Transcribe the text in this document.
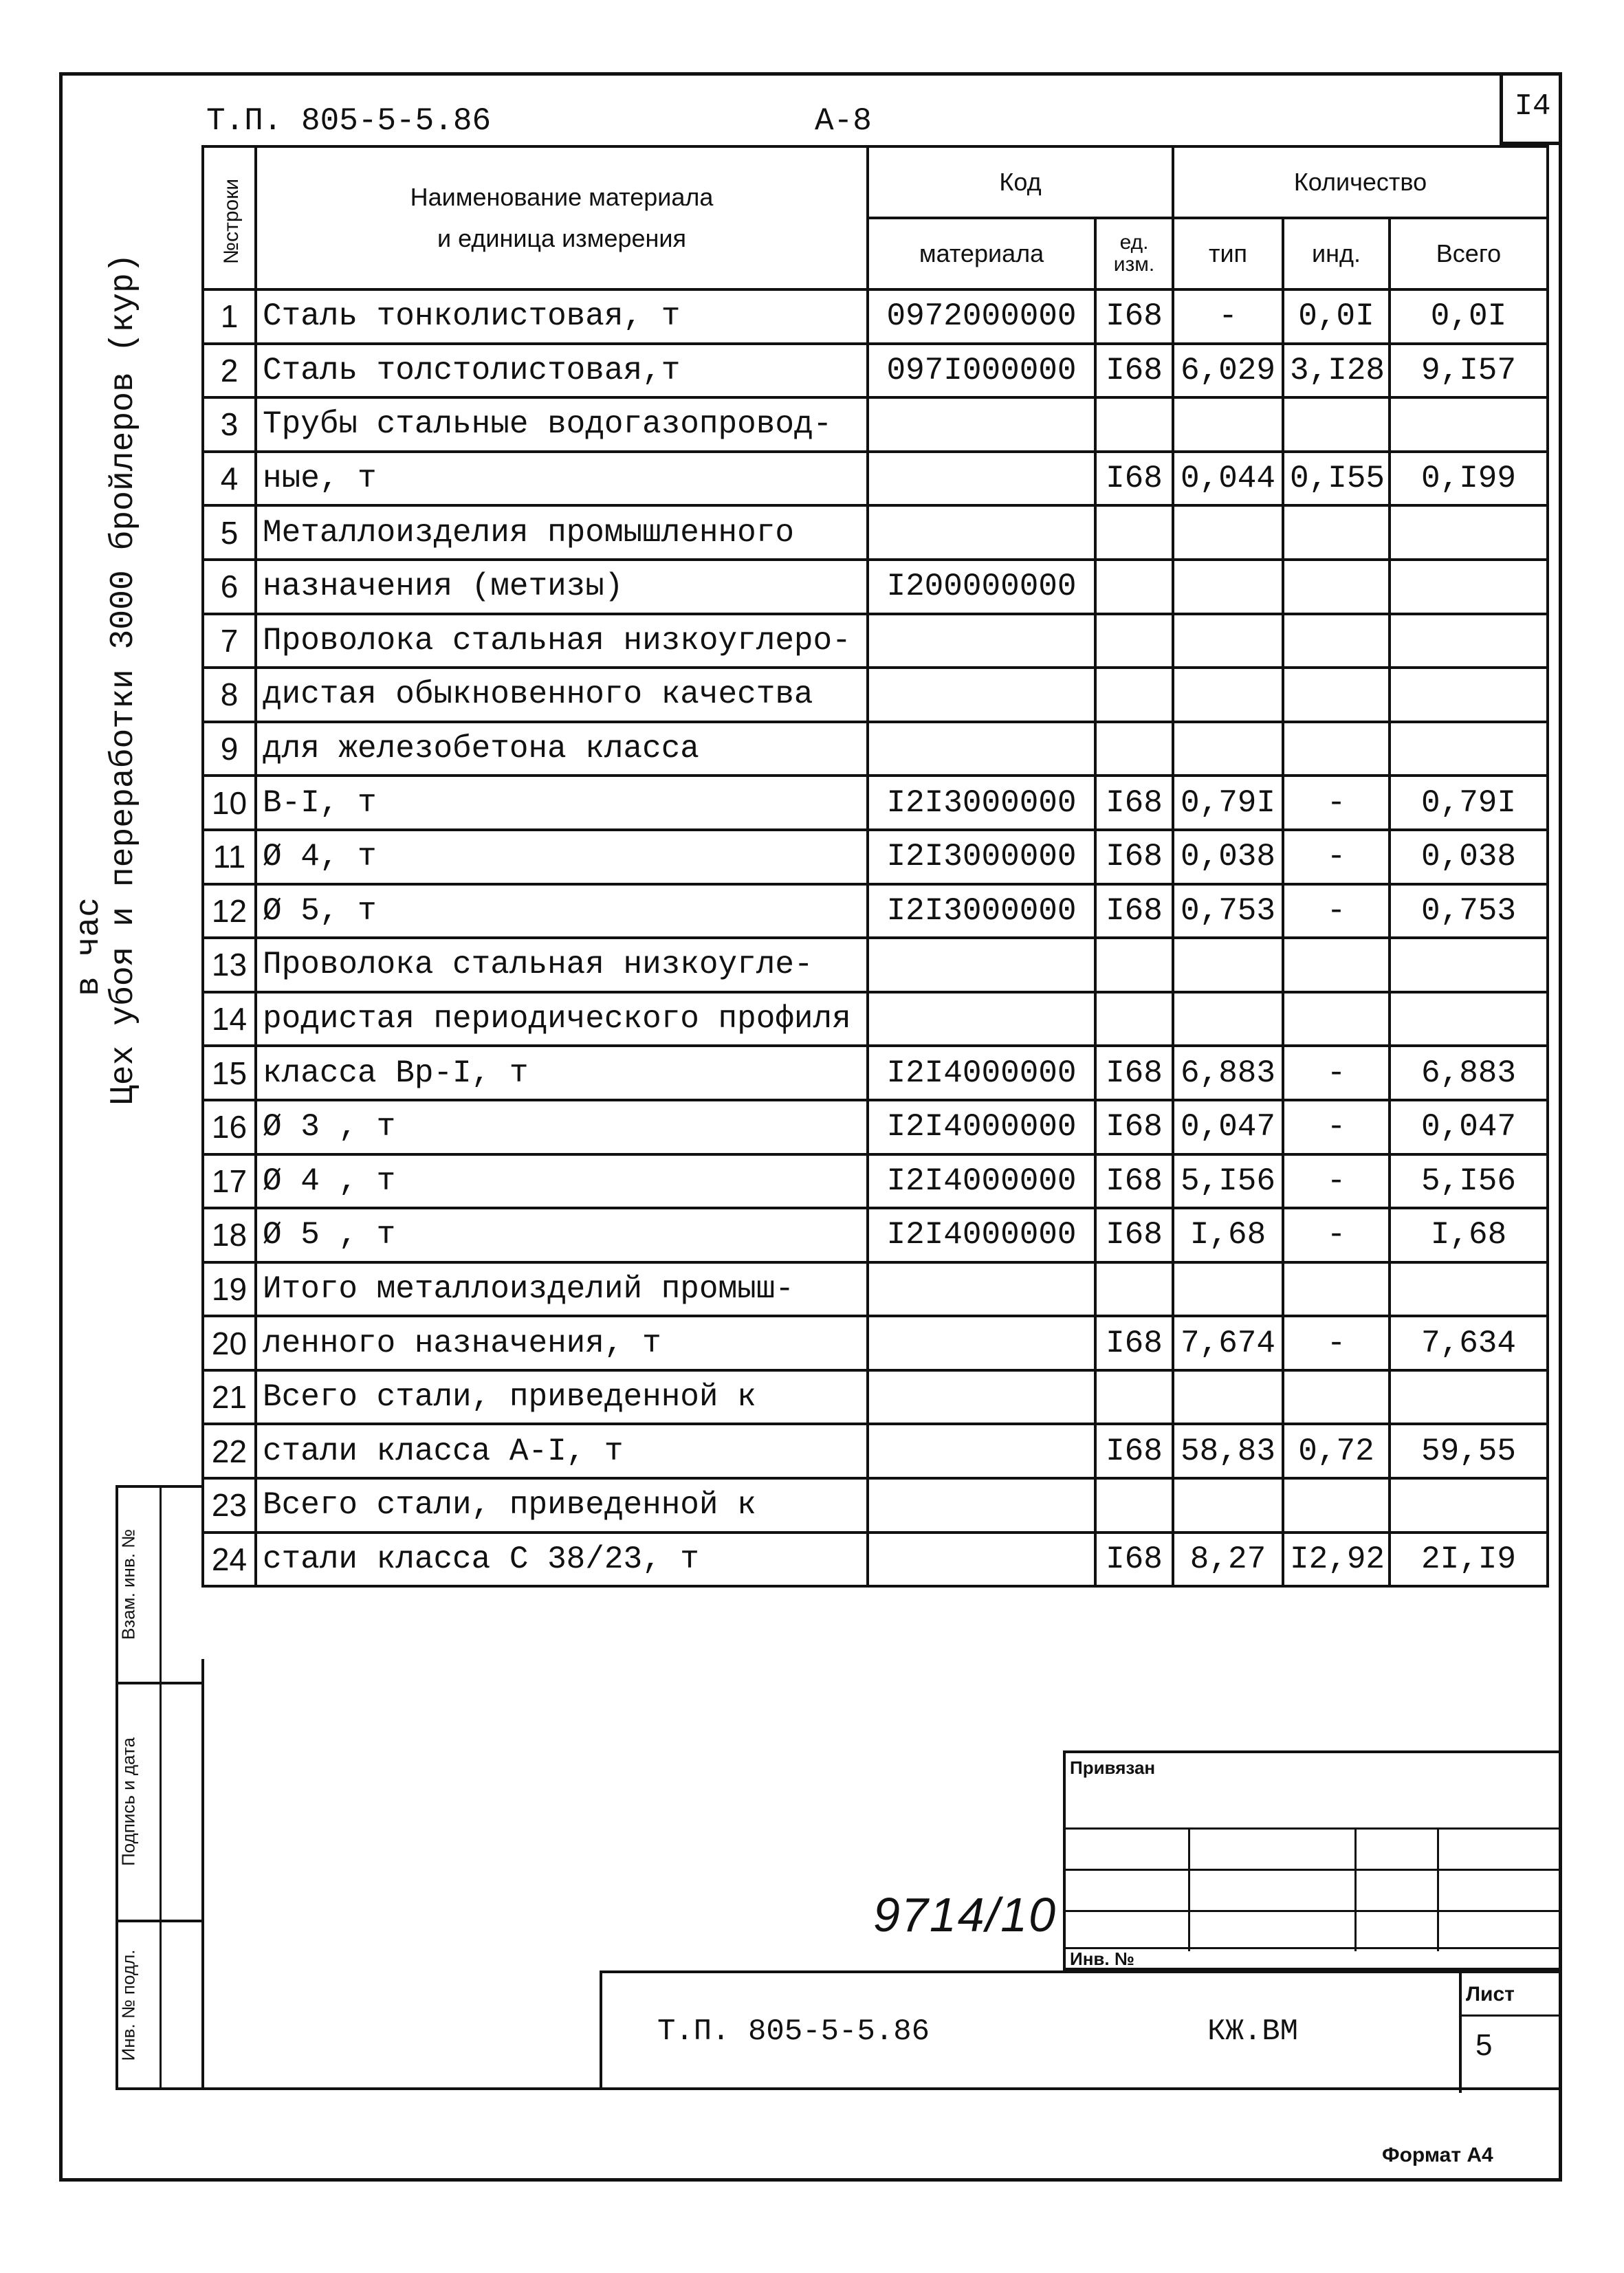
Т.П. 805-5-5.86	А-8	I4
Цех убоя и переработки 3000 бройлеров (кур)
в час
№строки	Наименование материала
и единица измерения	Код		Количество		
		материала	ед. изм.	тип	инд.	Всего
1	Сталь тонколистовая, т	0972000000	I68	-	0,0I	0,0I
2	Сталь толстолистовая,т	097I000000	I68	6,029	3,I28	9,I57
3	Трубы стальные водогазопровод-					
4	ные, т		I68	0,044	0,I55	0,I99
5	Металлоизделия промышленного					
6	назначения (метизы)	I200000000				
7	Проволока стальная низкоуглеро-					
8	дистая обыкновенного качества					
9	для железобетона класса					
10	В-I, т	I2I3000000	I68	0,79I	-	0,79I
11	Ø 4, т	I2I3000000	I68	0,038	-	0,038
12	Ø 5, т	I2I3000000	I68	0,753	-	0,753
13	Проволока стальная низкоугле-					
14	родистая периодического профиля					
15	класса Вр-I, т	I2I4000000	I68	6,883	-	6,883
16	Ø 3 , т	I2I4000000	I68	0,047	-	0,047
17	Ø 4 , т	I2I4000000	I68	5,I56	-	5,I56
18	Ø 5 , т	I2I4000000	I68	I,68	-	I,68
19	Итого металлоизделий промыш-					
20	ленного назначения, т		I68	7,674	-	7,634
21	Всего стали, приведенной к					
22	стали класса А-I, т		I68	58,83	0,72	59,55
23	Всего стали, приведенной к					
24	стали класса С 38/23, т		I68	8,27	I2,92	2I,I9
Взам. инв. №
Подпись и дата
Инв. № подл.
9714/10
Привязан
Инв. №
Т.П. 805-5-5.86	КЖ.ВМ
Лист
5
Формат А4
